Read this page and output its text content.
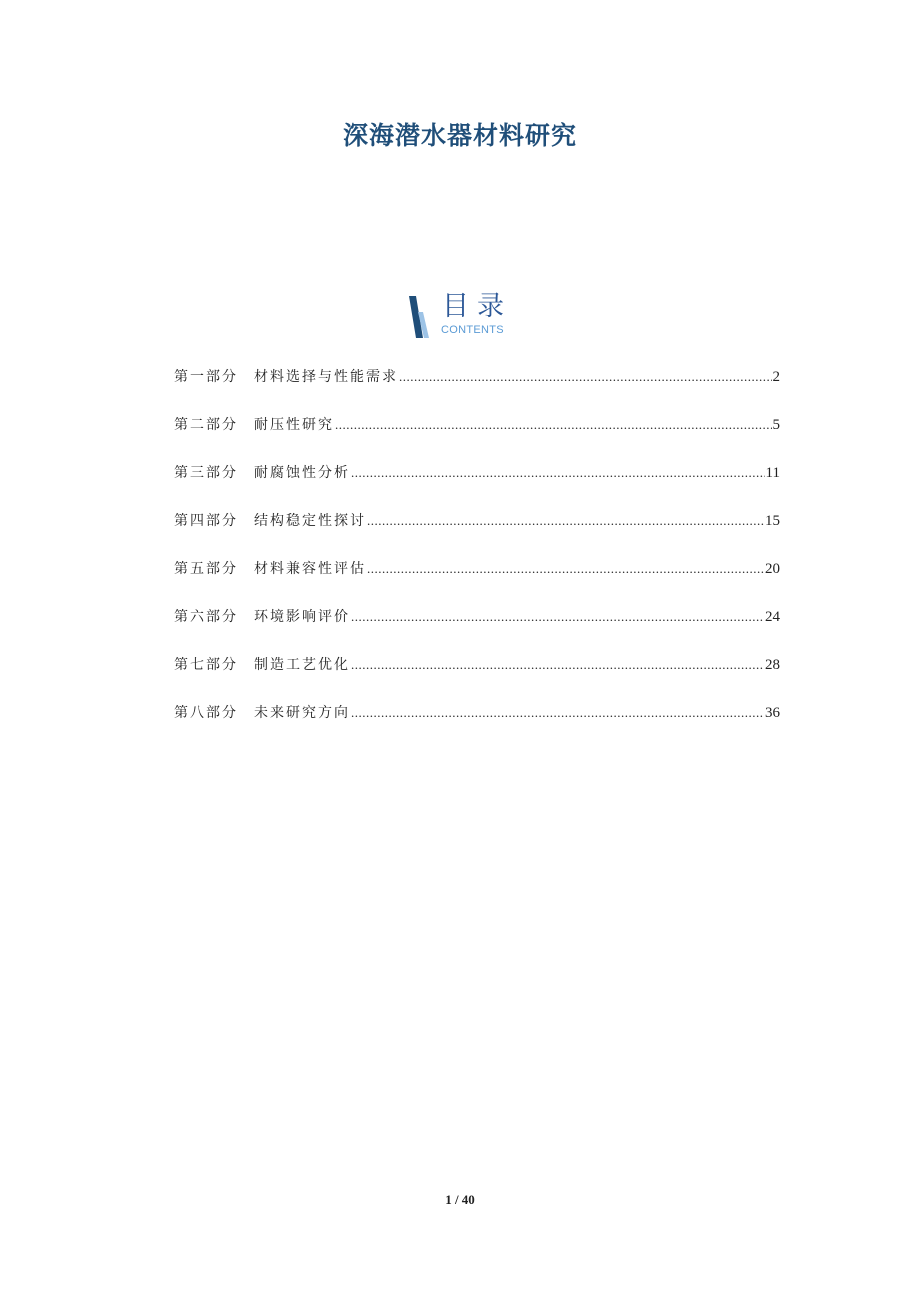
深海潜水器材料研究
目录
CONTENTS
第一部分	材料选择与性能需求 .....	2
第二部分	耐压性研究 .....	5
第三部分	耐腐蚀性分析 .....	11
第四部分	结构稳定性探讨 .....	15
第五部分	材料兼容性评估 .....	20
第六部分	环境影响评价 .....	24
第七部分	制造工艺优化 .....	28
第八部分	未来研究方向 .....	36
1 / 40
